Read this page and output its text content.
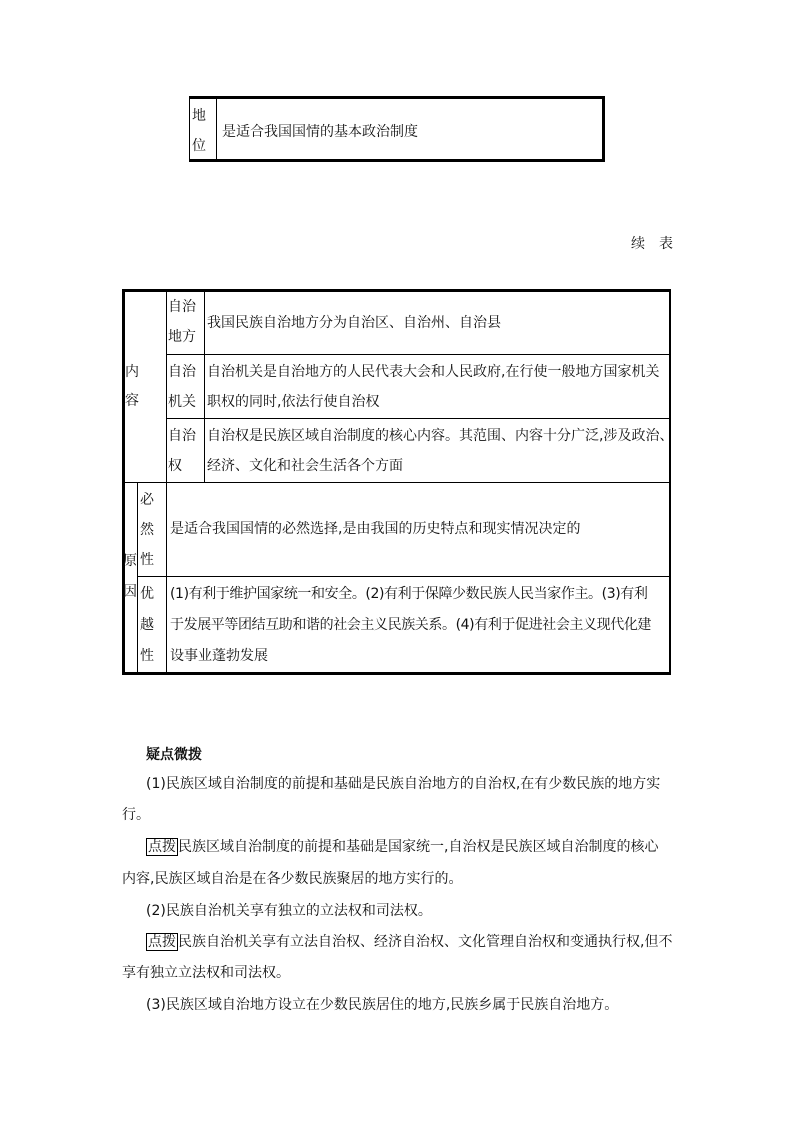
地
位
是适合我国国情的基本政治制度
续表
内
容
自治
地方
我国民族自治地方分为自治区、自治州、自治县
自治
机关
自治机关是自治地方的人民代表大会和人民政府,在行使一般地方国家机关
职权的同时,依法行使自治权
自治
权
自治权是民族区域自治制度的核心内容。其范围、内容十分广泛,涉及政治、
经济、文化和社会生活各个方面
原
因
必
然
性
是适合我国国情的必然选择,是由我国的历史特点和现实情况决定的
优
越
性
(1)有利于维护国家统一和安全。(2)有利于保障少数民族人民当家作主。(3)有利
于发展平等团结互助和谐的社会主义民族关系。(4)有利于促进社会主义现代化建
设事业蓬勃发展
疑点微拨
(1)民族区域自治制度的前提和基础是民族自治地方的自治权,在有少数民族的地方实
行。
点拨 民族区域自治制度的前提和基础是国家统一,自治权是民族区域自治制度的核心
内容,民族区域自治是在各少数民族聚居的地方实行的。
(2)民族自治机关享有独立的立法权和司法权。
点拨 民族自治机关享有立法自治权、经济自治权、文化管理自治权和变通执行权,但不
享有独立立法权和司法权。
(3)民族区域自治地方设立在少数民族居住的地方,民族乡属于民族自治地方。
